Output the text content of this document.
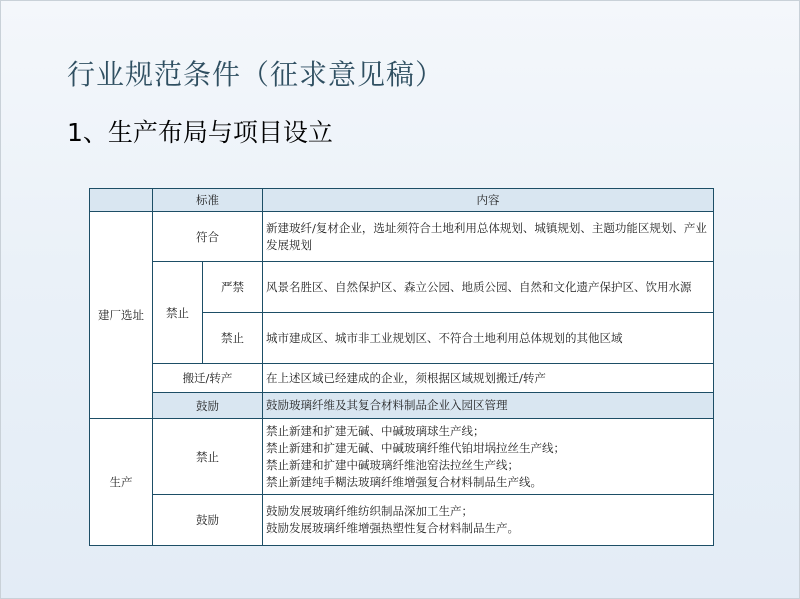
行业规范条件（征求意见稿）
1、生产布局与项目设立
	标准		内容
建厂选址	符合		新建玻纤/复材企业，选址须符合土地利用总体规划、城镇规划、主题功能区规划、产业发展规划
	禁止	严禁	风景名胜区、自然保护区、森立公园、地质公园、自然和文化遗产保护区、饮用水源
		禁止	城市建成区、城市非工业规划区、不符合土地利用总体规划的其他区域
	搬迁/转产		在上述区域已经建成的企业，须根据区域规划搬迁/转产
	鼓励		鼓励玻璃纤维及其复合材料制品企业入园区管理
生产	禁止		禁止新建和扩建无碱、中碱玻璃球生产线；
禁止新建和扩建无碱、中碱玻璃纤维代铂坩埚拉丝生产线；
禁止新建和扩建中碱玻璃纤维池窑法拉丝生产线；
禁止新建纯手糊法玻璃纤维增强复合材料制品生产线。

	鼓励		鼓励发展玻璃纤维纺织制品深加工生产；
鼓励发展玻璃纤维增强热塑性复合材料制品生产。
